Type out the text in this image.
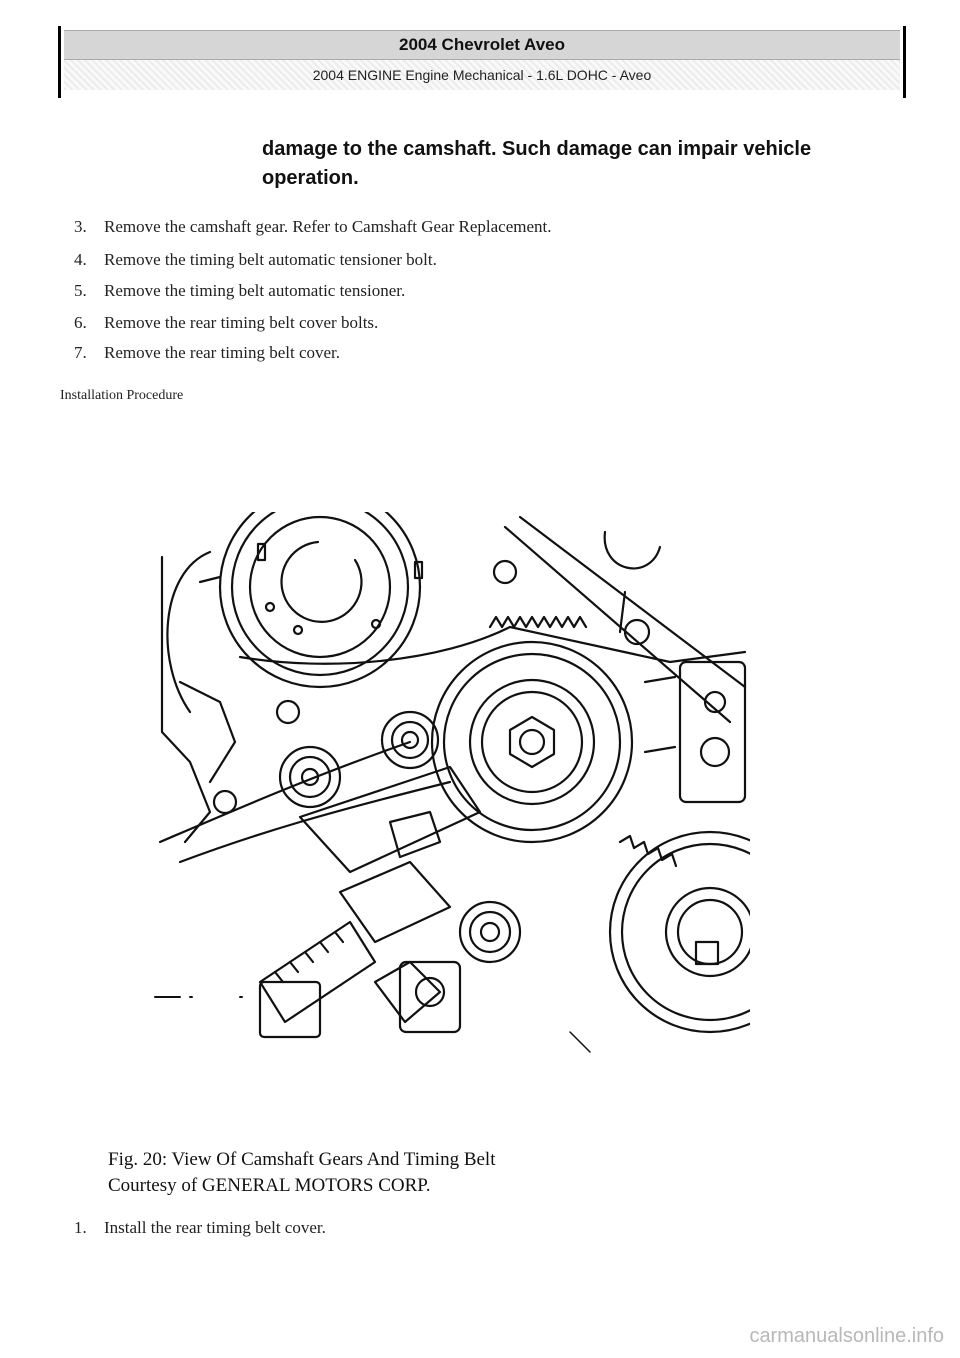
2004 Chevrolet Aveo
2004 ENGINE Engine Mechanical - 1.6L DOHC - Aveo
damage to the camshaft. Such damage can impair vehicle
operation.
3. Remove the camshaft gear. Refer to Camshaft Gear Replacement.
4. Remove the timing belt automatic tensioner bolt.
5. Remove the timing belt automatic tensioner.
6. Remove the rear timing belt cover bolts.
7. Remove the rear timing belt cover.
Installation Procedure
Fig. 20: View Of Camshaft Gears And Timing Belt
Courtesy of GENERAL MOTORS CORP.
1. Install the rear timing belt cover.
carmanualsonline.info
